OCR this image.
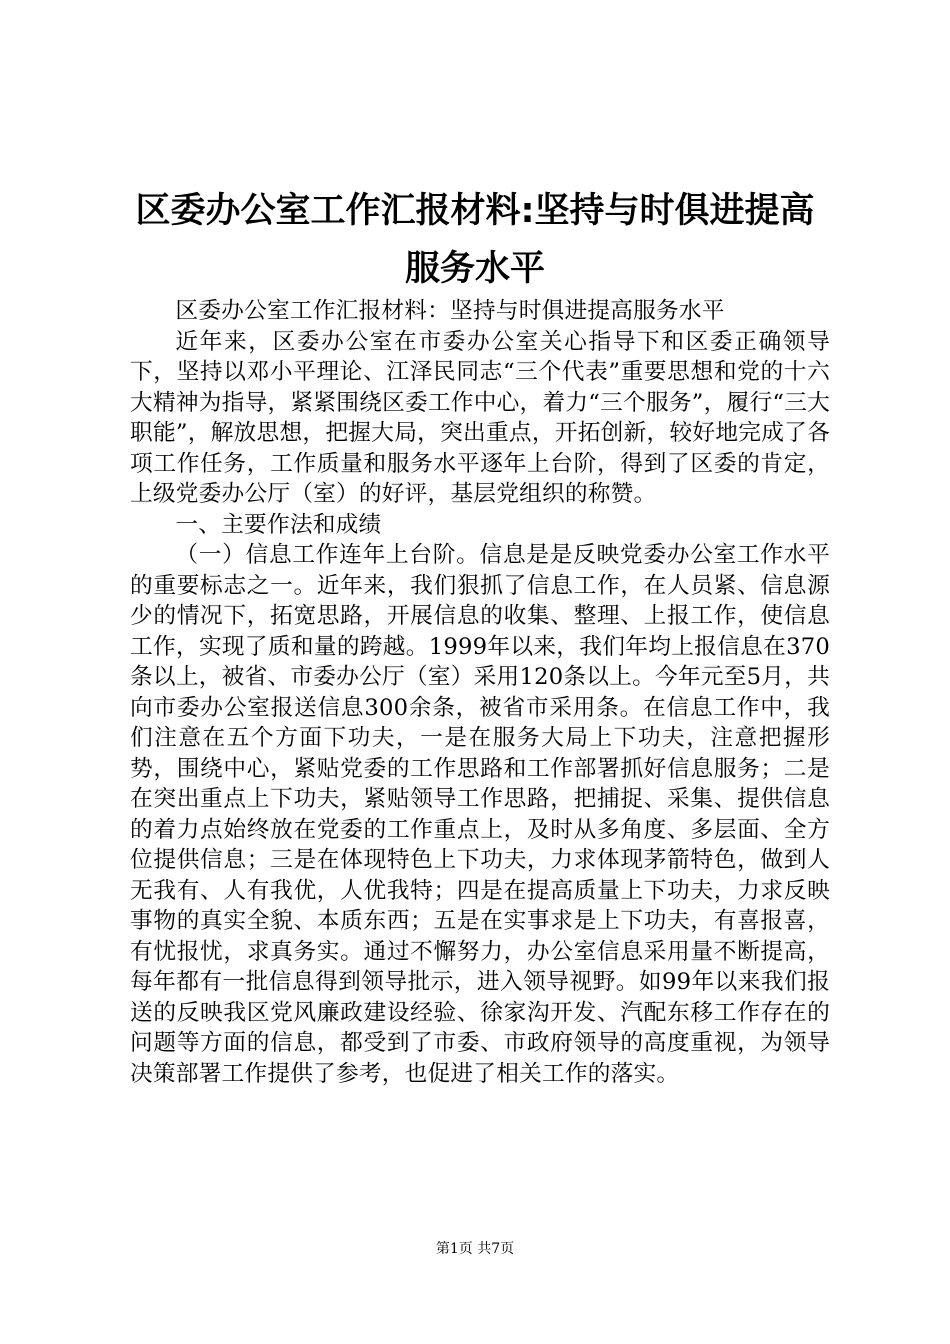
区委办公室工作汇报材料:坚持与时俱进提高服务水平

区委办公室工作汇报材料：坚持与时俱进提高服务水平

近年来，区委办公室在市委办公室关心指导下和区委正确领导下，坚持以邓小平理论、江泽民同志“三个代表”重要思想和党的十六大精神为指导，紧紧围绕区委工作中心，着力“三个服务”，履行“三大职能”，解放思想，把握大局，突出重点，开拓创新，较好地完成了各项工作任务，工作质量和服务水平逐年上台阶，得到了区委的肯定，上级党委办公厅（室）的好评，基层党组织的称赞。

一、主要作法和成绩

（一）信息工作连年上台阶。信息是是反映党委办公室工作水平的重要标志之一。近年来，我们狠抓了信息工作，在人员紧、信息源少的情况下，拓宽思路，开展信息的收集、整理、上报工作，使信息工作，实现了质和量的跨越。1999年以来，我们年均上报信息在370条以上，被省、市委办公厅（室）采用120条以上。今年元至5月，共向市委办公室报送信息300余条，被省市采用条。在信息工作中，我们注意在五个方面下功夫，一是在服务大局上下功夫，注意把握形势，围绕中心，紧贴党委的工作思路和工作部署抓好信息服务；二是在突出重点上下功夫，紧贴领导工作思路，把捕捉、采集、提供信息的着力点始终放在党委的工作重点上，及时从多角度、多层面、全方位提供信息；三是在体现特色上下功夫，力求体现茅箭特色，做到人无我有、人有我优，人优我特；四是在提高质量上下功夫，力求反映事物的真实全貌、本质东西；五是在实事求是上下功夫，有喜报喜，有忧报忧，求真务实。通过不懈努力，办公室信息采用量不断提高，每年都有一批信息得到领导批示，进入领导视野。如99年以来我们报送的反映我区党风廉政建设经验、徐家沟开发、汽配东移工作存在的问题等方面的信息，都受到了市委、市政府领导的高度重视，为领导决策部署工作提供了参考，也促进了相关工作的落实。

第1页 共7页
